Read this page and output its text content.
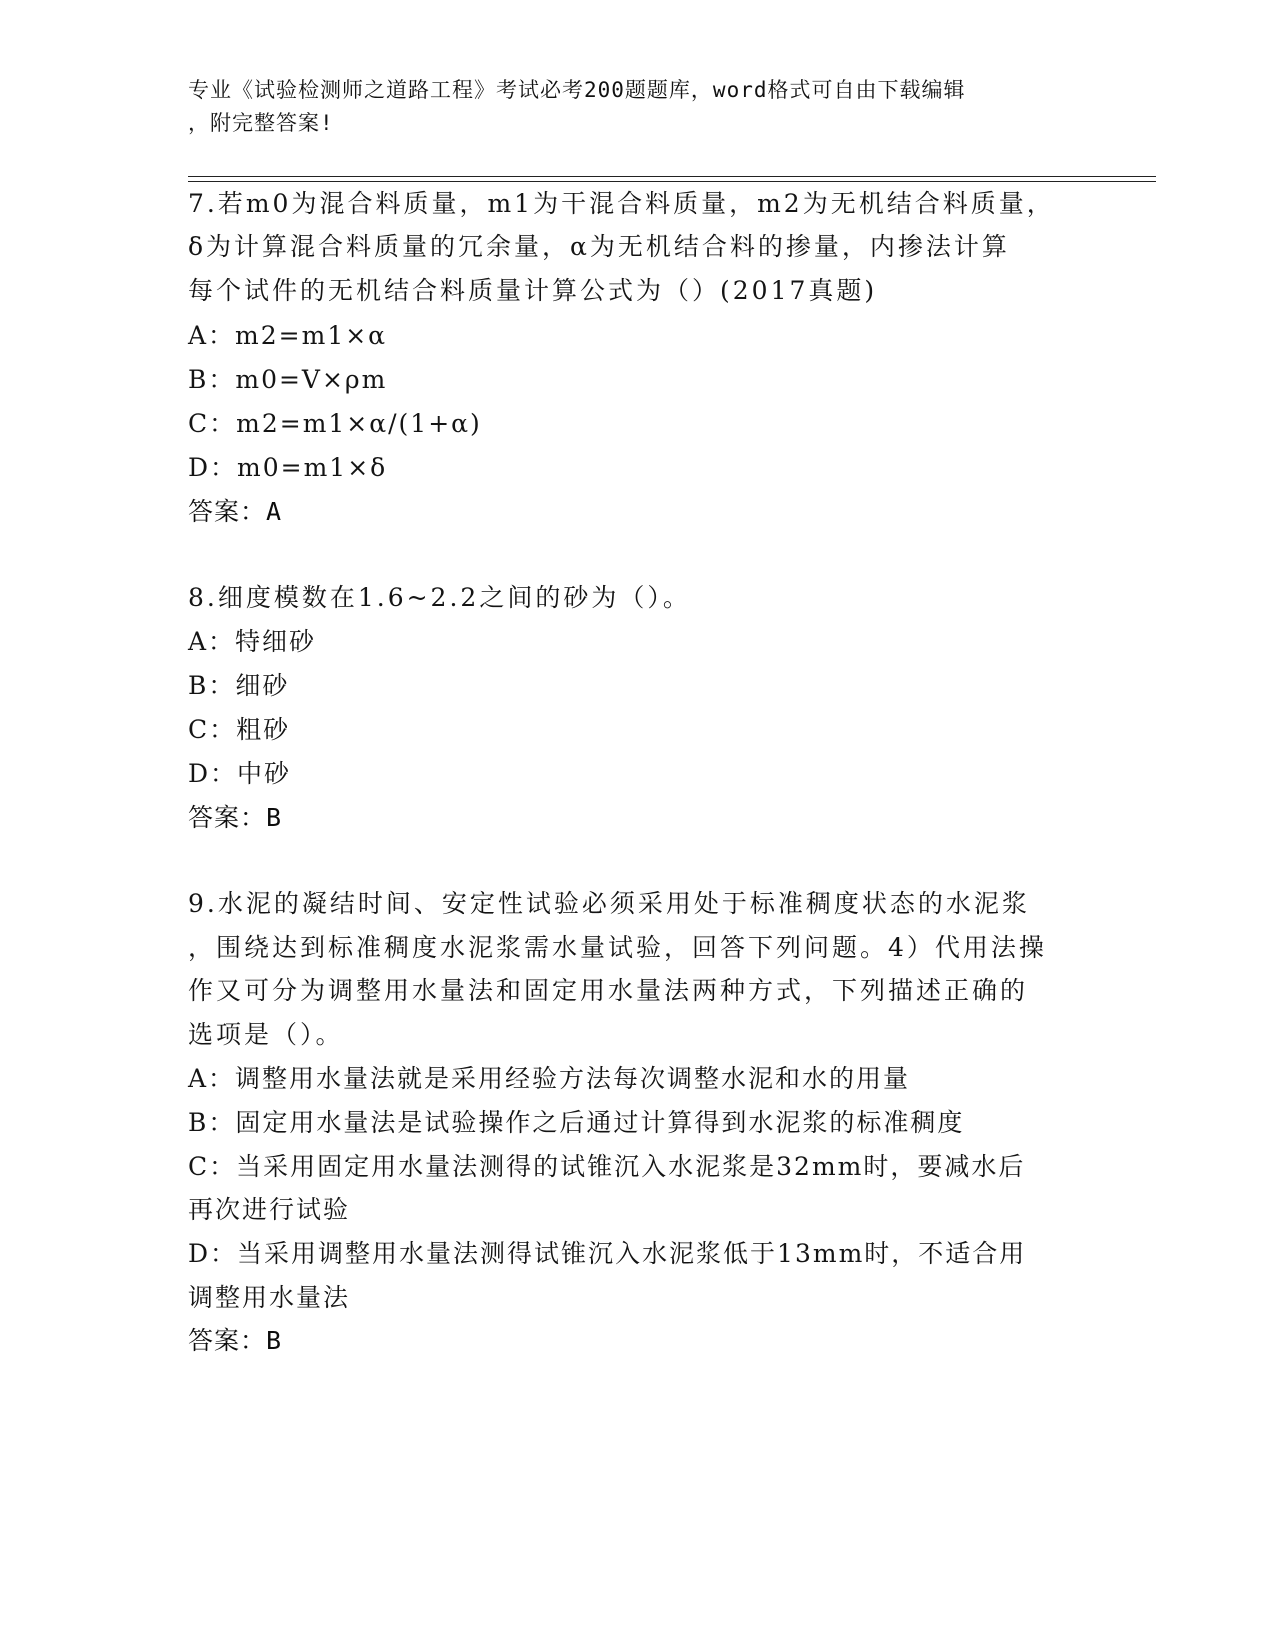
专业《试验检测师之道路工程》考试必考200题题库，word格式可自由下载编辑
，附完整答案!
7.若m0为混合料质量，m1为干混合料质量，m2为无机结合料质量，
δ为计算混合料质量的冗余量，α为无机结合料的掺量，内掺法计算
每个试件的无机结合料质量计算公式为（）(2017真题)
A：m2=m1×α
B：m0=V×ρm
C：m2=m1×α/(1+α)
D：m0=m1×δ
答案：A
8.细度模数在1.6~2.2之间的砂为（）。
A：特细砂
B：细砂
C：粗砂
D：中砂
答案：B
9.水泥的凝结时间、安定性试验必须采用处于标准稠度状态的水泥浆
，围绕达到标准稠度水泥浆需水量试验，回答下列问题。4）代用法操
作又可分为调整用水量法和固定用水量法两种方式，下列描述正确的
选项是（）。
A：调整用水量法就是采用经验方法每次调整水泥和水的用量
B：固定用水量法是试验操作之后通过计算得到水泥浆的标准稠度
C：当采用固定用水量法测得的试锥沉入水泥浆是32mm时，要减水后
再次进行试验
D：当采用调整用水量法测得试锥沉入水泥浆低于13mm时，不适合用
调整用水量法
答案：B
